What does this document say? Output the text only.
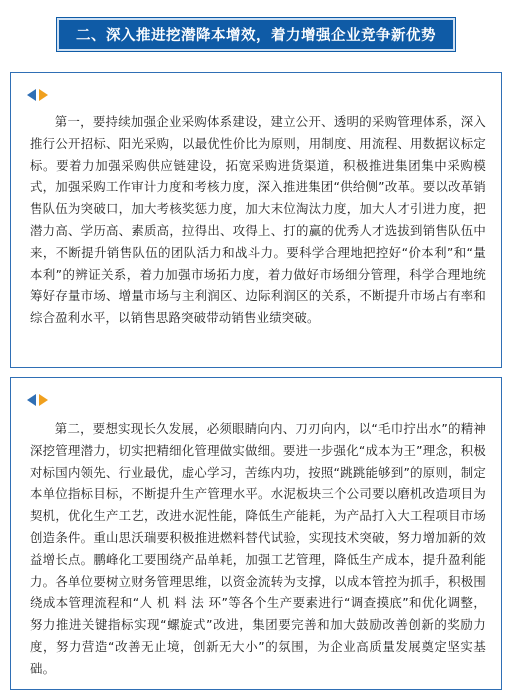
二、深入推进挖潜降本增效，着力增强企业竞争新优势

第一，要持续加强企业采购体系建设，建立公开、透明的采购管理体系，深入推行公开招标、阳光采购，以最优性价比为原则，用制度、用流程、用数据议标定标。要着力加强采购供应链建设，拓宽采购进货渠道，积极推进集团集中采购模式，加强采购工作审计力度和考核力度，深入推进集团“供给侧”改革。要以改革销售队伍为突破口，加大考核奖惩力度，加大末位淘汰力度，加大人才引进力度，把潜力高、学历高、素质高，拉得出、攻得上、打的赢的优秀人才选拔到销售队伍中来，不断提升销售队伍的团队活力和战斗力。要科学合理地把控好“价本利”和“量本利”的辨证关系，着力加强市场拓力度，着力做好市场细分管理，科学合理地统筹好存量市场、增量市场与主利润区、边际利润区的关系，不断提升市场占有率和综合盈利水平，以销售思路突破带动销售业绩突破。

第二，要想实现长久发展，必须眼睛向内、刀刃向内，以“毛巾拧出水”的精神深挖管理潜力，切实把精细化管理做实做细。要进一步强化“成本为王”理念，积极对标国内领先、行业最优，虚心学习，苦练内功，按照“跳跳能够到”的原则，制定本单位指标目标，不断提升生产管理水平。水泥板块三个公司要以磨机改造项目为契机，优化生产工艺，改进水泥性能，降低生产能耗，为产品打入大工程项目市场创造条件。重山思沃瑞要积极推进燃料替代试验，实现技术突破，努力增加新的效益增长点。鹏峰化工要围绕产品单耗，加强工艺管理，降低生产成本，提升盈利能力。各单位要树立财务管理思维，以资金流转为支撑，以成本管控为抓手，积极围绕成本管理流程和“人 机 料 法 环”等各个生产要素进行“调查摸底”和优化调整，努力推进关键指标实现“螺旋式”改进，集团要完善和加大鼓励改善创新的奖励力度，努力营造“改善无止境，创新无大小”的氛围，为企业高质量发展奠定坚实基础。
